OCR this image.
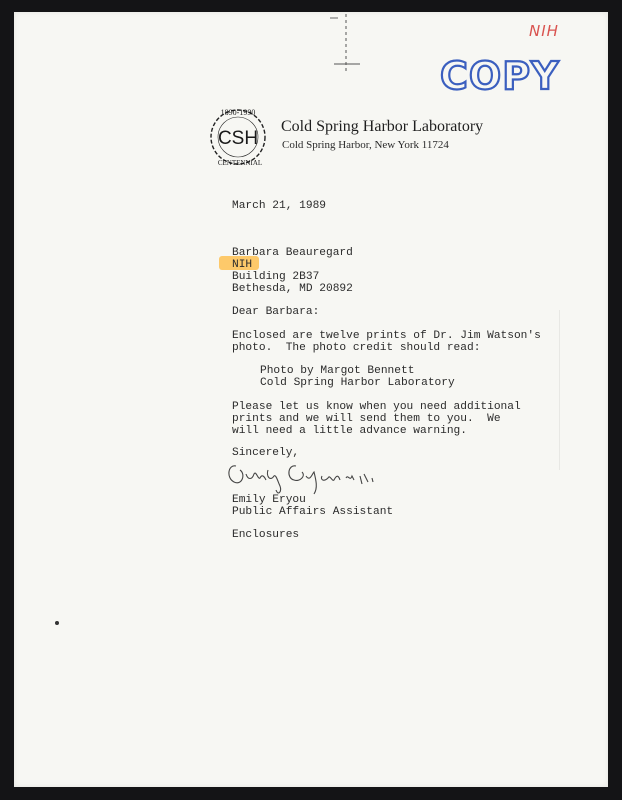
NIH
COPY
CSH
1890-1990
CENTENNIAL
Cold Spring Harbor Laboratory
Cold Spring Harbor, New York 11724
March 21, 1989
Barbara Beauregard
NIH
Building 2B37
Bethesda, MD 20892
Dear Barbara:
Enclosed are twelve prints of Dr. Jim Watson's
photo.  The photo credit should read:
Photo by Margot Bennett
Cold Spring Harbor Laboratory
Please let us know when you need additional
prints and we will send them to you.  We
will need a little advance warning.
Sincerely,
Emily Eryou
Public Affairs Assistant
Enclosures
